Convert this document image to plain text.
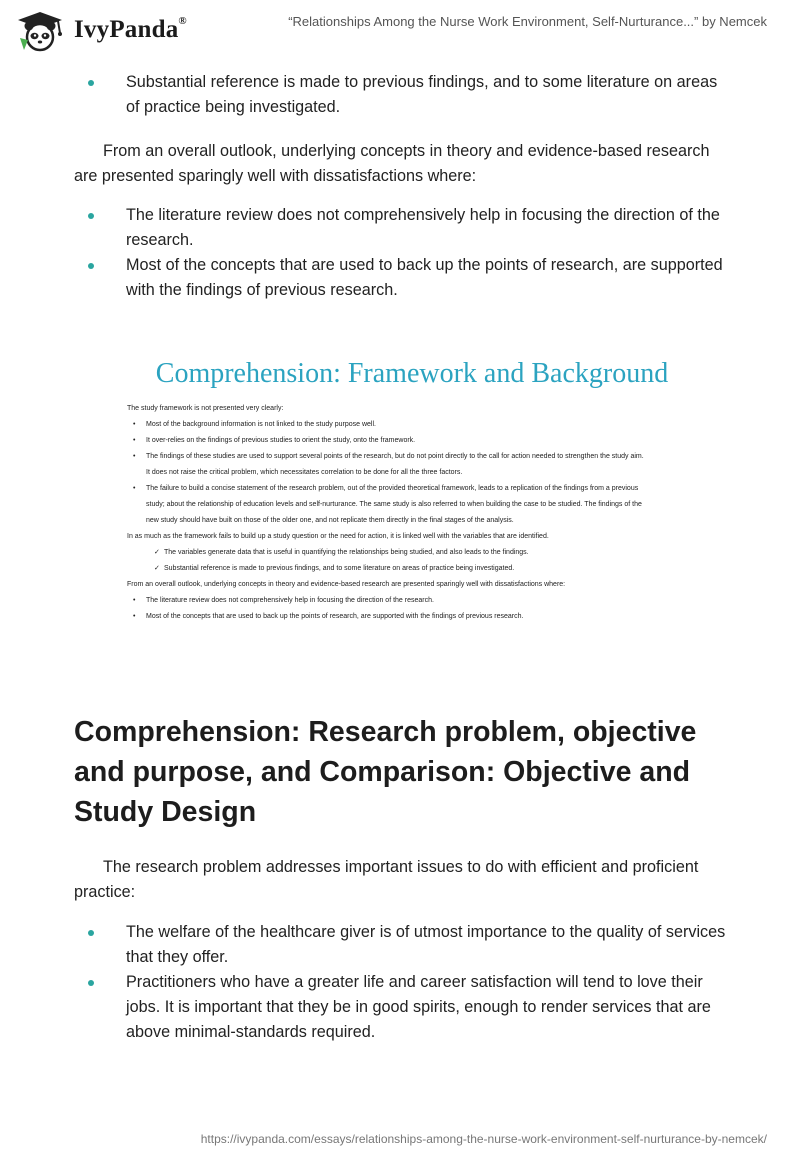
IvyPanda®	“Relationships Among the Nurse Work Environment, Self-Nurturance...” by Nemcek
Substantial reference is made to previous findings, and to some literature on areas of practice being investigated.

From an overall outlook, underlying concepts in theory and evidence-based research are presented sparingly well with dissatisfactions where:

The literature review does not comprehensively help in focusing the direction of the research.
Most of the concepts that are used to back up the points of research, are supported with the findings of previous research.
Comprehension: Framework and Background
The study framework is not presented very clearly:
• Most of the background information is not linked to the study purpose well.
• It over-relies on the findings of previous studies to orient the study, onto the framework.
• The findings of these studies are used to support several points of the research, but do not point directly to the call for action needed to strengthen the study aim.
It does not raise the critical problem, which necessitates correlation to be done for all the three factors.
• The failure to build a concise statement of the research problem, out of the provided theoretical framework, leads to a replication of the findings from a previous
study; about the relationship of education levels and self-nurturance. The same study is also referred to when building the case to be studied. The findings of the
new study should have built on those of the older one, and not replicate them directly in the final stages of the analysis.
In as much as the framework fails to build up a study question or the need for action, it is linked well with the variables that are identified.
✓ The variables generate data that is useful in quantifying the relationships being studied, and also leads to the findings.
✓ Substantial reference is made to previous findings, and to some literature on areas of practice being investigated.
From an overall outlook, underlying concepts in theory and evidence-based research are presented sparingly well with dissatisfactions where:
• The literature review does not comprehensively help in focusing the direction of the research.
• Most of the concepts that are used to back up the points of research, are supported with the findings of previous research.
Comprehension: Research problem, objective and purpose, and Comparison: Objective and Study Design

The research problem addresses important issues to do with efficient and proficient practice:

The welfare of the healthcare giver is of utmost importance to the quality of services that they offer.
Practitioners who have a greater life and career satisfaction will tend to love their jobs. It is important that they be in good spirits, enough to render services that are above minimal-standards required.
https://ivypanda.com/essays/relationships-among-the-nurse-work-environment-self-nurturance-by-nemcek/
